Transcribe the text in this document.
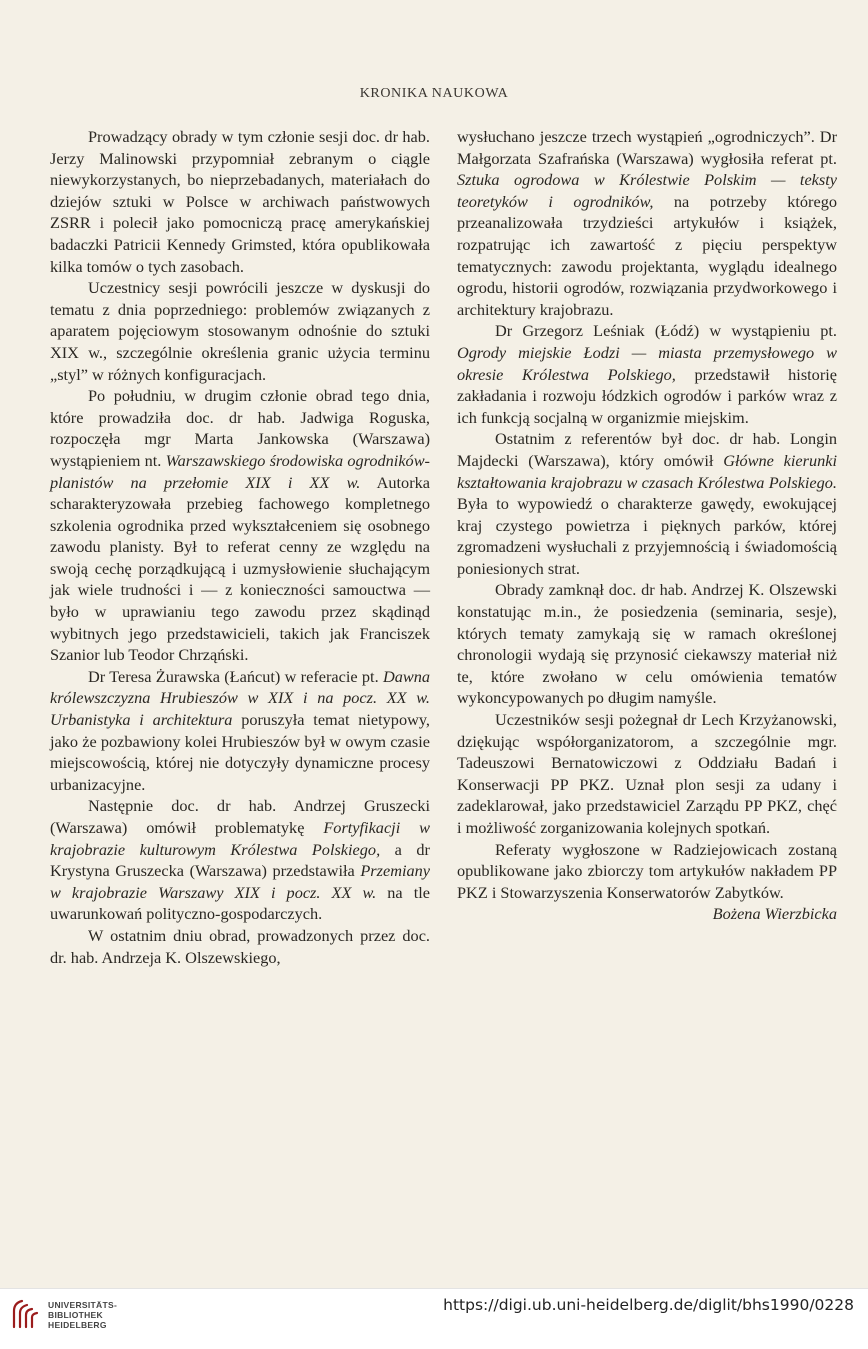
KRONIKA NAUKOWA

Prowadzący obrady w tym członie sesji doc. dr hab. Jerzy Malinowski przypomniał zebranym o ciągle niewykorzystanych, bo nieprzebadanych, materiałach do dziejów sztuki w Polsce w archiwach państwowych ZSRR i polecił jako pomocniczą pracę amerykańskiej badaczki Patricii Kennedy Grimsted, która opublikowała kilka tomów o tych zasobach.

Uczestnicy sesji powrócili jeszcze w dyskusji do tematu z dnia poprzedniego: problemów związanych z aparatem pojęciowym stosowanym odnośnie do sztuki XIX w., szczególnie określenia granic użycia terminu „styl” w różnych konfiguracjach.

Po południu, w drugim członie obrad tego dnia, które prowadziła doc. dr hab. Jadwiga Roguska, rozpoczęła mgr Marta Jankowska (Warszawa) wystąpieniem nt. Warszawskiego środowiska ogrodników-planistów na przełomie XIX i XX w. Autorka scharakteryzowała przebieg fachowego kompletnego szkolenia ogrodnika przed wykształceniem się osobnego zawodu planisty. Był to referat cenny ze względu na swoją cechę porządkującą i uzmysłowienie słuchającym jak wiele trudności i — z konieczności samouctwa — było w uprawianiu tego zawodu przez skądinąd wybitnych jego przedstawicieli, takich jak Franciszek Szanior lub Teodor Chrząński.

Dr Teresa Żurawska (Łańcut) w referacie pt. Dawna królewszczyzna Hrubieszów w XIX i na pocz. XX w. Urbanistyka i architektura poruszyła temat nietypowy, jako że pozbawiony kolei Hrubieszów był w owym czasie miejscowością, której nie dotyczyły dynamiczne procesy urbanizacyjne.

Następnie doc. dr hab. Andrzej Gruszecki (Warszawa) omówił problematykę Fortyfikacji w krajobrazie kulturowym Królestwa Polskiego, a dr Krystyna Gruszecka (Warszawa) przedstawiła Przemiany w krajobrazie Warszawy XIX i pocz. XX w. na tle uwarunkowań polityczno-gospodarczych.

W ostatnim dniu obrad, prowadzonych przez doc. dr. hab. Andrzeja K. Olszewskiego,

wysłuchano jeszcze trzech wystąpień „ogrodniczych”. Dr Małgorzata Szafrańska (Warszawa) wygłosiła referat pt. Sztuka ogrodowa w Królestwie Polskim — teksty teoretyków i ogrodników, na potrzeby którego przeanalizowała trzydzieści artykułów i książek, rozpatrując ich zawartość z pięciu perspektyw tematycznych: zawodu projektanta, wyglądu idealnego ogrodu, historii ogrodów, rozwiązania przydworkowego i architektury krajobrazu.

Dr Grzegorz Leśniak (Łódź) w wystąpieniu pt. Ogrody miejskie Łodzi — miasta przemysłowego w okresie Królestwa Polskiego, przedstawił historię zakładania i rozwoju łódzkich ogrodów i parków wraz z ich funkcją socjalną w organizmie miejskim.

Ostatnim z referentów był doc. dr hab. Longin Majdecki (Warszawa), który omówił Główne kierunki kształtowania krajobrazu w czasach Królestwa Polskiego. Była to wypowiedź o charakterze gawędy, ewokującej kraj czystego powietrza i pięknych parków, której zgromadzeni wysłuchali z przyjemnością i świadomością poniesionych strat.

Obrady zamknął doc. dr hab. Andrzej K. Olszewski konstatując m.in., że posiedzenia (seminaria, sesje), których tematy zamykają się w ramach określonej chronologii wydają się przynosić ciekawszy materiał niż te, które zwołano w celu omówienia tematów wykoncypowanych po długim namyśle.

Uczestników sesji pożegnał dr Lech Krzyżanowski, dziękując współorganizatorom, a szczególnie mgr. Tadeuszowi Bernatowiczowi z Oddziału Badań i Konserwacji PP PKZ. Uznał plon sesji za udany i zadeklarował, jako przedstawiciel Zarządu PP PKZ, chęć i możliwość zorganizowania kolejnych spotkań.

Referaty wygłoszone w Radziejowicach zostaną opublikowane jako zbiorczy tom artykułów nakładem PP PKZ i Stowarzyszenia Konserwatorów Zabytków.

Bożena Wierzbicka

UNIVERSITÄTS-
BIBLIOTHEK
HEIDELBERG
https://digi.ub.uni-heidelberg.de/diglit/bhs1990/0228
